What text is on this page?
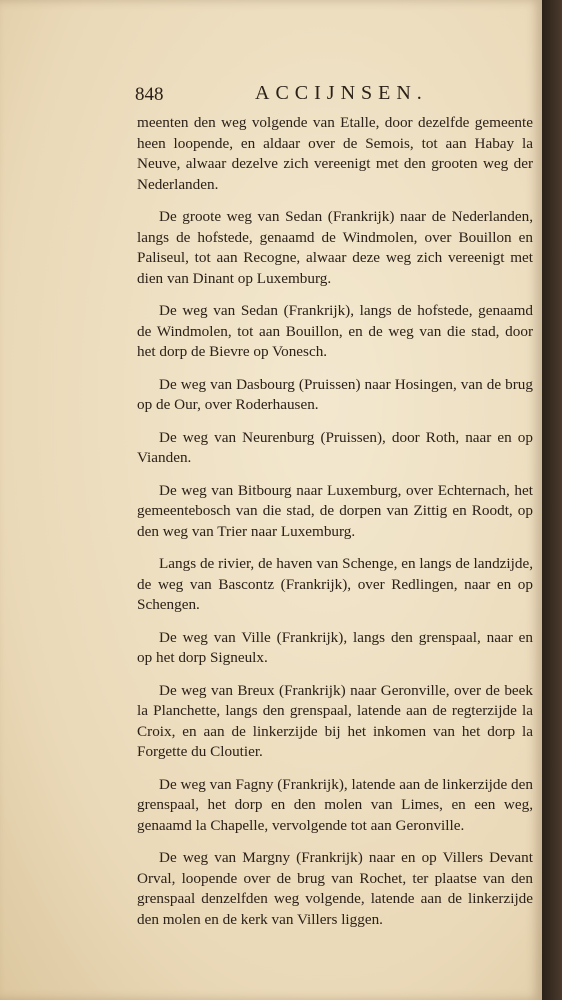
848	ACCIJNSEN.

meenten den weg volgende van Etalle, door dezelfde gemeente heen loopende, en aldaar over de Semois, tot aan Habay la Neuve, alwaar dezelve zich vereenigt met den grooten weg der Nederlanden.

De groote weg van Sedan (Frankrijk) naar de Nederlanden, langs de hofstede, genaamd de Windmolen, over Bouillon en Paliseul, tot aan Recogne, alwaar deze weg zich vereenigt met dien van Dinant op Luxemburg.

De weg van Sedan (Frankrijk), langs de hofstede, genaamd de Windmolen, tot aan Bouillon, en de weg van die stad, door het dorp de Bievre op Vonesch.

De weg van Dasbourg (Pruissen) naar Hosingen, van de brug op de Our, over Roderhausen.

De weg van Neurenburg (Pruissen), door Roth, naar en op Vianden.

De weg van Bitbourg naar Luxemburg, over Echternach, het gemeentebosch van die stad, de dorpen van Zittig en Roodt, op den weg van Trier naar Luxemburg.

Langs de rivier, de haven van Schenge, en langs de landzijde, de weg van Bascontz (Frankrijk), over Redlingen, naar en op Schengen.

De weg van Ville (Frankrijk), langs den grenspaal, naar en op het dorp Signeulx.

De weg van Breux (Frankrijk) naar Geronville, over de beek la Planchette, langs den grenspaal, latende aan de regterzijde la Croix, en aan de linkerzijde bij het inkomen van het dorp la Forgette du Cloutier.

De weg van Fagny (Frankrijk), latende aan de linkerzijde den grenspaal, het dorp en den molen van Limes, en een weg, genaamd la Chapelle, vervolgende tot aan Geronville.

De weg van Margny (Frankrijk) naar en op Villers Devant Orval, loopende over de brug van Rochet, ter plaatse van den grenspaal denzelfden weg volgende, latende aan de linkerzijde den molen en de kerk van Villers liggen.
